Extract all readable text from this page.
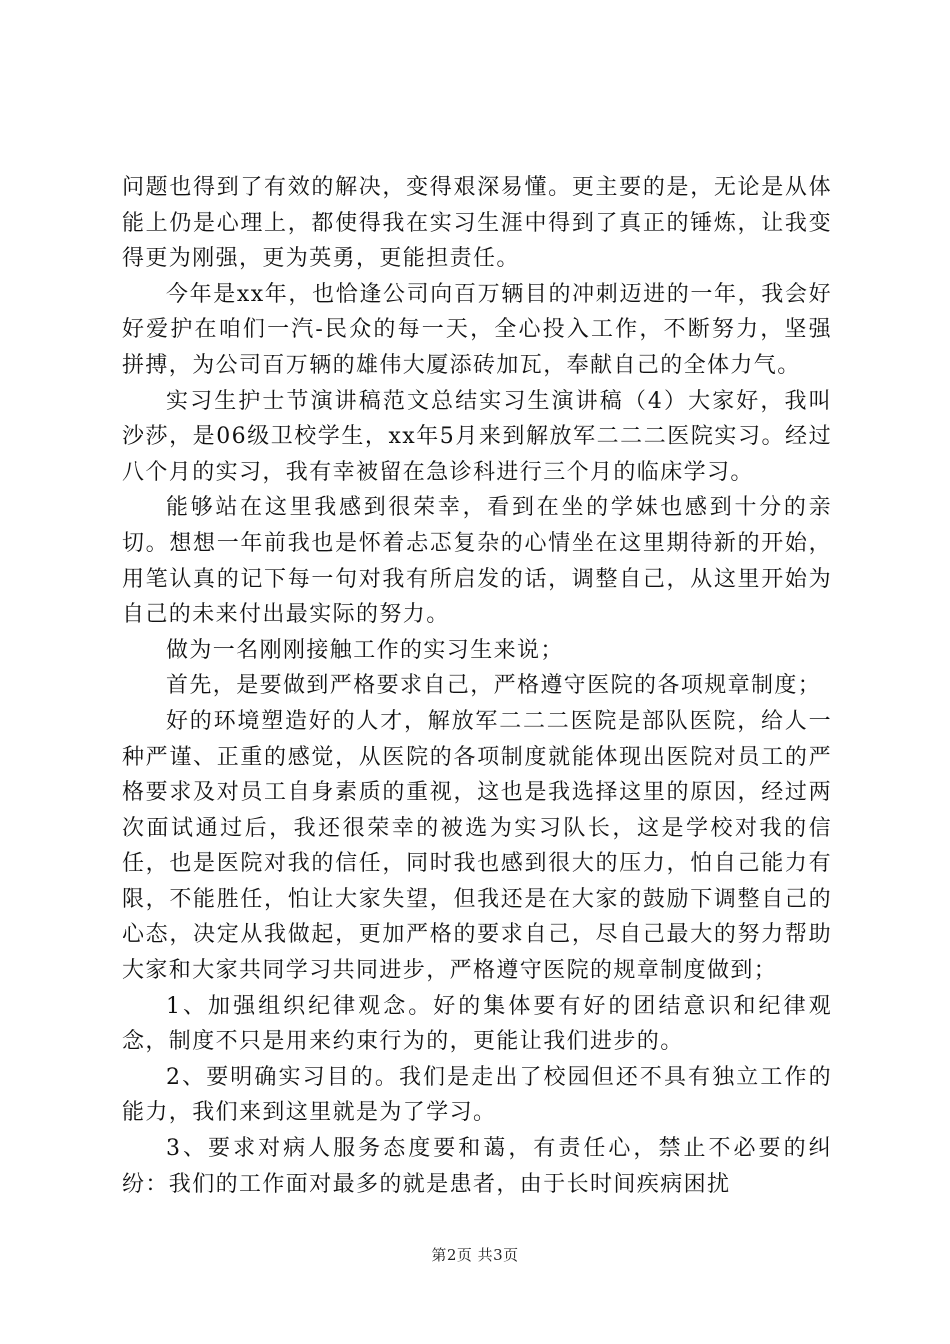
问题也得到了有效的解决，变得艰深易懂。更主要的是，无论是从体能上仍是心理上，都使得我在实习生涯中得到了真正的锤炼，让我变得更为刚强，更为英勇，更能担责任。

今年是xx年，也恰逢公司向百万辆目的冲刺迈进的一年，我会好好爱护在咱们一汽-民众的每一天，全心投入工作，不断努力，坚强拼搏，为公司百万辆的雄伟大厦添砖加瓦，奉献自己的全体力气。

实习生护士节演讲稿范文总结实习生演讲稿（4）大家好，我叫沙莎，是06级卫校学生，xx年5月来到解放军二二二医院实习。经过八个月的实习，我有幸被留在急诊科进行三个月的临床学习。

能够站在这里我感到很荣幸，看到在坐的学妹也感到十分的亲切。想想一年前我也是怀着忐忑复杂的心情坐在这里期待新的开始，用笔认真的记下每一句对我有所启发的话，调整自己，从这里开始为自己的未来付出最实际的努力。

做为一名刚刚接触工作的实习生来说；

首先，是要做到严格要求自己，严格遵守医院的各项规章制度；

好的环境塑造好的人才，解放军二二二医院是部队医院，给人一种严谨、正重的感觉，从医院的各项制度就能体现出医院对员工的严格要求及对员工自身素质的重视，这也是我选择这里的原因，经过两次面试通过后，我还很荣幸的被选为实习队长，这是学校对我的信任，也是医院对我的信任，同时我也感到很大的压力，怕自己能力有限，不能胜任，怕让大家失望，但我还是在大家的鼓励下调整自己的心态，决定从我做起，更加严格的要求自己，尽自己最大的努力帮助大家和大家共同学习共同进步，严格遵守医院的规章制度做到；

1、加强组织纪律观念。好的集体要有好的团结意识和纪律观念，制度不只是用来约束行为的，更能让我们进步的。

2、要明确实习目的。我们是走出了校园但还不具有独立工作的能力，我们来到这里就是为了学习。

3、要求对病人服务态度要和蔼，有责任心，禁止不必要的纠纷：我们的工作面对最多的就是患者，由于长时间疾病困扰

第2页 共3页
